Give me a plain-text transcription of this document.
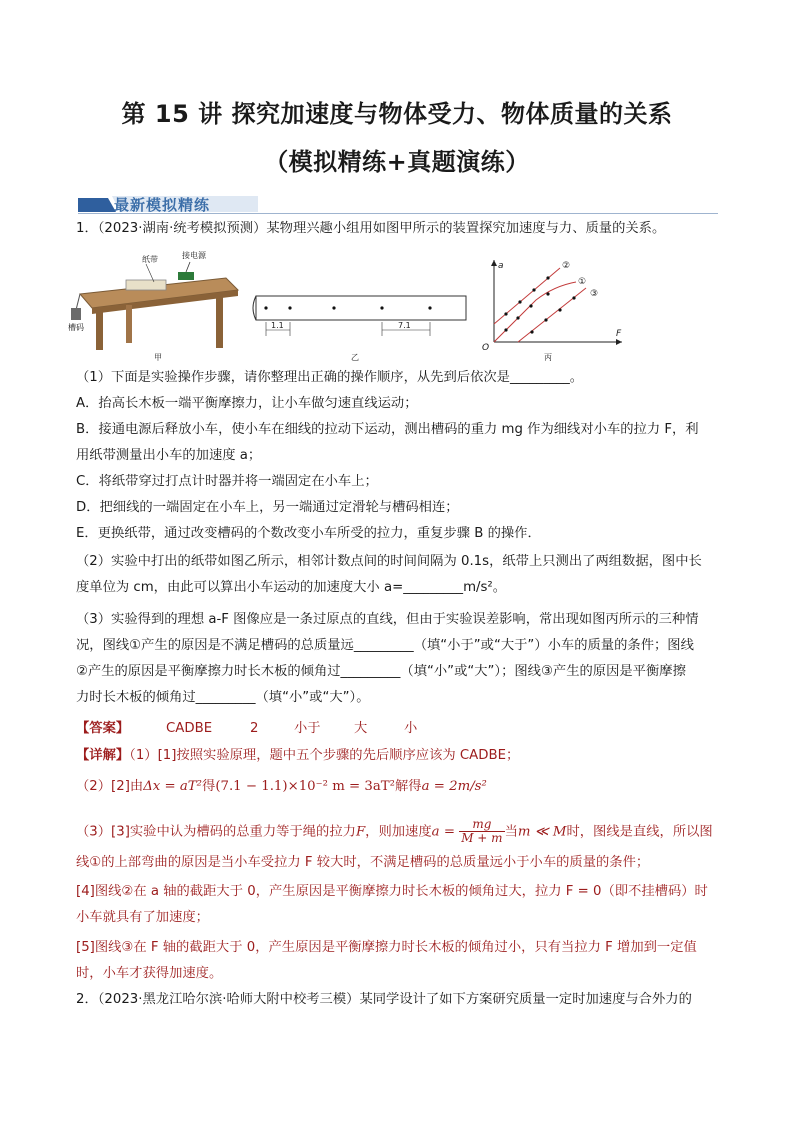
第 15 讲 探究加速度与物体受力、物体质量的关系
（模拟精练+真题演练）
最新模拟精练
1．（2023·湖南·统考模拟预测）某物理兴趣小组用如图甲所示的装置探究加速度与力、质量的关系。
纸带	接电源
槽码
甲
1.1	7.1
乙
O
a
F
①
②
③
丙
（1）下面是实验操作步骤，请你整理出正确的操作顺序，从先到后依次是_________。
A．抬高长木板一端平衡摩擦力，让小车做匀速直线运动；
B．接通电源后释放小车，使小车在细线的拉动下运动，测出槽码的重力 mg 作为细线对小车的拉力 F，利
用纸带测量出小车的加速度 a；
C．将纸带穿过打点计时器并将一端固定在小车上；
D．把细线的一端固定在小车上，另一端通过定滑轮与槽码相连；
E．更换纸带，通过改变槽码的个数改变小车所受的拉力，重复步骤 B 的操作．
（2）实验中打出的纸带如图乙所示，相邻计数点间的时间间隔为 0.1s，纸带上只测出了两组数据，图中长
度单位为 cm，由此可以算出小车运动的加速度大小 a=_________m/s²。
（3）实验得到的理想 a-F 图像应是一条过原点的直线，但由于实验误差影响，常出现如图丙所示的三种情
况，图线①产生的原因是不满足槽码的总质量远_________（填“小于”或“大于”）小车的质量的条件；图线
②产生的原因是平衡摩擦力时长木板的倾角过_________（填“小”或“大”）；图线③产生的原因是平衡摩擦
力时长木板的倾角过_________（填“小”或“大”）。
【答案】	CADBE	2	小于	大	小
【详解】（1）[1]按照实验原理，题中五个步骤的先后顺序应该为 CADBE；
（2）[2]由Δx = aT²得(7.1 − 1.1)×10⁻² m = 3aT²解得a = 2m/s²
（3）[3]实验中认为槽码的总重力等于绳的拉力F，则加速度$a = \frac{mg}{M + m}$ 当m ≪ M时，图线是直线，所以图
线①的上部弯曲的原因是当小车受拉力 F 较大时，不满足槽码的总质量远小于小车的质量的条件；
[4]图线②在 a 轴的截距大于 0，产生原因是平衡摩擦力时长木板的倾角过大，拉力 F = 0（即不挂槽码）时
小车就具有了加速度；
[5]图线③在 F 轴的截距大于 0，产生原因是平衡摩擦力时长木板的倾角过小，只有当拉力 F 增加到一定值
时，小车才获得加速度。
2．（2023·黑龙江哈尔滨·哈师大附中校考三模）某同学设计了如下方案研究质量一定时加速度与合外力的
